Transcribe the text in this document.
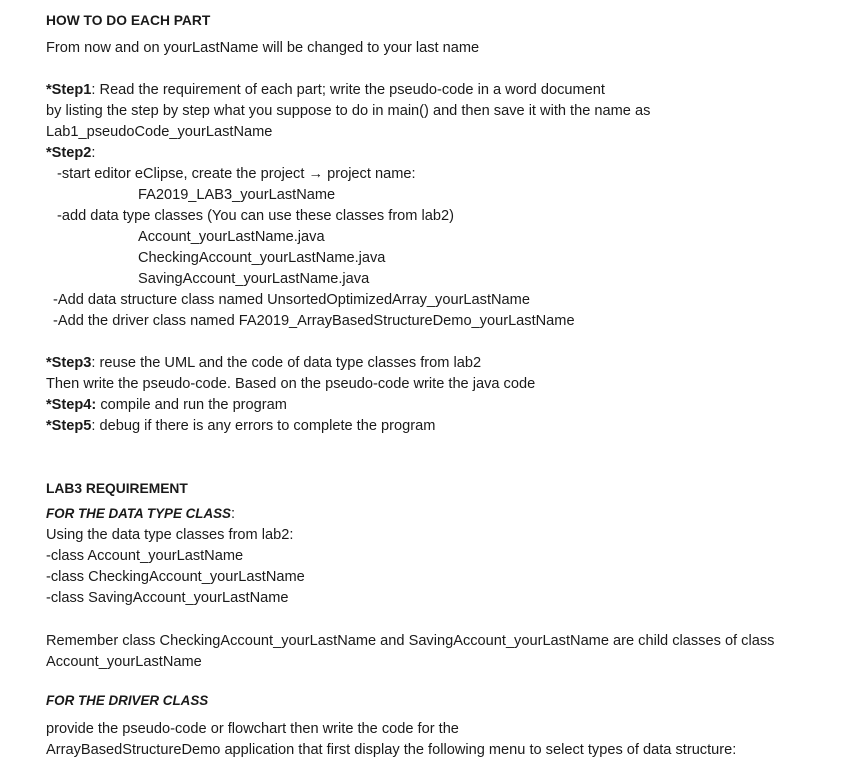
HOW TO DO EACH PART
From now and on yourLastName will be changed to your last name
*Step1: Read the requirement of each part; write the pseudo-code in a word document
by listing the step by step what you suppose to do in main() and then save it with the name as
Lab1_pseudoCode_yourLastName
*Step2:
-start editor eClipse, create the project → project name:
FA2019_LAB3_yourLastName
-add data type classes (You can use these classes from lab2)
Account_yourLastName.java
CheckingAccount_yourLastName.java
SavingAccount_yourLastName.java
-Add data structure class named UnsortedOptimizedArray_yourLastName
-Add the driver class named FA2019_ArrayBasedStructureDemo_yourLastName
*Step3: reuse the UML and the code of data type classes from lab2
Then write the pseudo-code. Based on the pseudo-code write the java code
*Step4: compile and run the program
*Step5: debug if there is any errors to complete the program
LAB3 REQUIREMENT
FOR THE DATA TYPE CLASS:
Using the data type classes from lab2:
-class Account_yourLastName
-class CheckingAccount_yourLastName
-class SavingAccount_yourLastName
Remember class CheckingAccount_yourLastName and SavingAccount_yourLastName are child classes of class
Account_yourLastName
FOR THE DRIVER CLASS
provide the pseudo-code or flowchart then write the code for the
ArrayBasedStructureDemo application that first display the following menu to select types of data structure:
